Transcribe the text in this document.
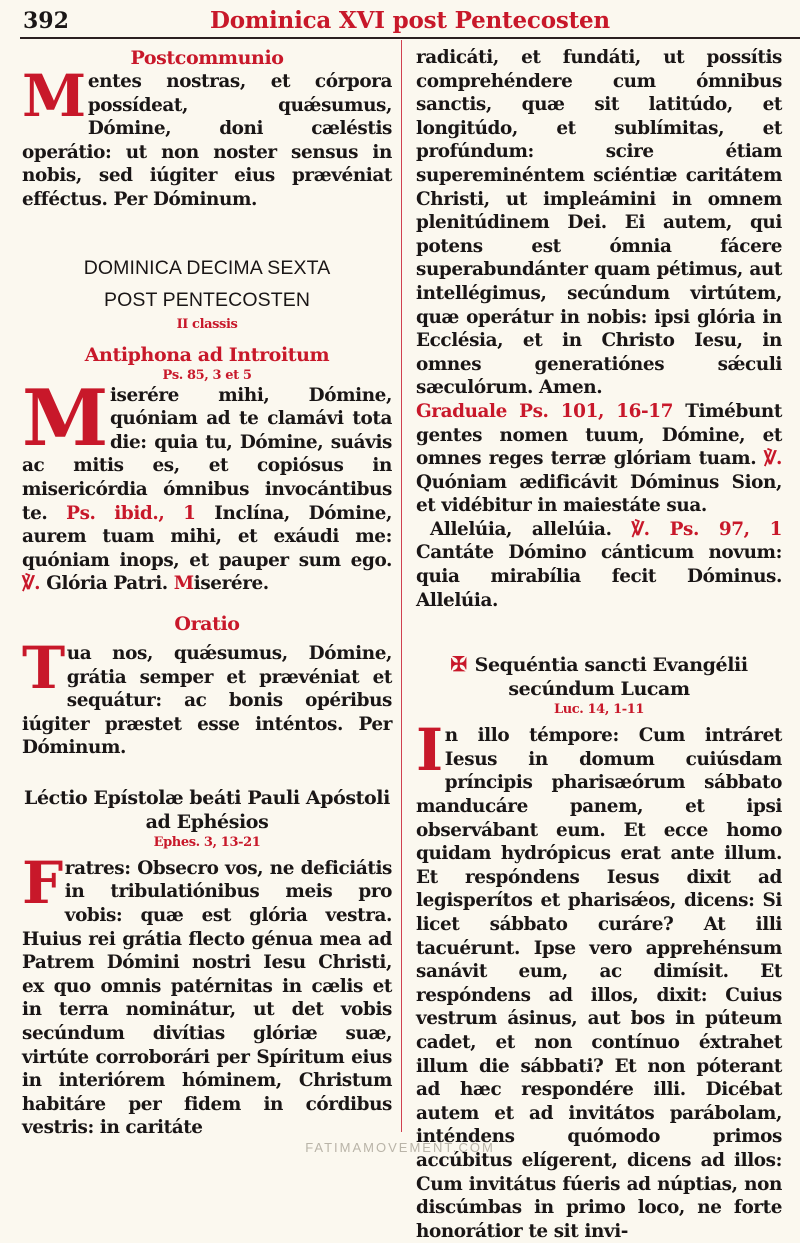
392	Dominica XVI post Pentecosten
Postcommunio

Mentes nostras, et córpora possídeat, quǽsumus, Dómine, doni cæléstis operátio: ut non noster sensus in nobis, sed iúgiter eius prævéniat efféctus. Per Dóminum.

DOMINICA DECIMA SEXTA
POST PENTECOSTEN
II classis
Antiphona ad Introitum
Ps. 85, 3 et 5

Miserére mihi, Dómine, quóniam ad te clamávi tota die: quia tu, Dómine, suávis ac mitis es, et copiósus in misericórdia ómnibus invocántibus te. Ps. ibid., 1 Inclína, Dómine, aurem tuam mihi, et exáudi me: quóniam inops, et pauper sum ego. ℣. Glória Patri. Miserére.

Oratio

Tua nos, quǽsumus, Dómine, grátia semper et prævéniat et sequátur: ac bonis opéribus iúgiter præstet esse inténtos. Per Dóminum.

Léctio Epístolæ beáti Pauli Apóstoli
ad Ephésios
Ephes. 3, 13-21

Fratres: Obsecro vos, ne deficiátis in tribulatiónibus meis pro vobis: quæ est glória vestra. Huius rei grátia flecto génua mea ad Patrem Dómini nostri Iesu Christi, ex quo omnis patérnitas in cælis et in terra nominátur, ut det vobis secúndum divítias glóriæ suæ, virtúte corroborári per Spíritum eius in interiórem hóminem, Christum habitáre per fidem in córdibus vestris: in caritáte

radicáti, et fundáti, ut possítis comprehéndere cum ómnibus sanctis, quæ sit latitúdo, et longitúdo, et sublímitas, et profúndum: scire étiam supereminéntem sciéntiæ caritátem Christi, ut impleámini in omnem plenitúdinem Dei. Ei autem, qui potens est ómnia fácere superabundánter quam pétimus, aut intellégimus, secúndum virtútem, quæ operátur in nobis: ipsi glória in Ecclésia, et in Christo Iesu, in omnes generatiónes sǽculi sæculórum. Amen.

Graduale Ps. 101, 16-17 Timébunt gentes nomen tuum, Dómine, et omnes reges terræ glóriam tuam. ℣. Quóniam ædificávit Dóminus Sion, et vidébitur in maiestáte sua.

Allelúia, allelúia. ℣. Ps. 97, 1 Cantáte Dómino cánticum novum: quia mirabília fecit Dóminus. Allelúia.

✠ Sequéntia sancti Evangélii secúndum Lucam
Luc. 14, 1-11

In illo témpore: Cum intráret Iesus in domum cuiúsdam príncipis pharisæórum sábbato manducáre panem, et ipsi observábant eum. Et ecce homo quidam hydrópicus erat ante illum. Et respóndens Iesus dixit ad legisperítos et pharisǽos, dicens: Si licet sábbato curáre? At illi tacuérunt. Ipse vero apprehénsum sanávit eum, ac dimísit. Et respóndens ad illos, dixit: Cuius vestrum ásinus, aut bos in púteum cadet, et non contínuo éxtrahet illum die sábbati? Et non póterant ad hæc respondére illi. Dicébat autem et ad invitátos parábolam, inténdens quómodo primos accúbitus elígerent, dicens ad illos: Cum invitátus fúeris ad núptias, non discúmbas in primo loco, ne forte honorátior te sit invi-

FATIMAMOVEMENT.COM
